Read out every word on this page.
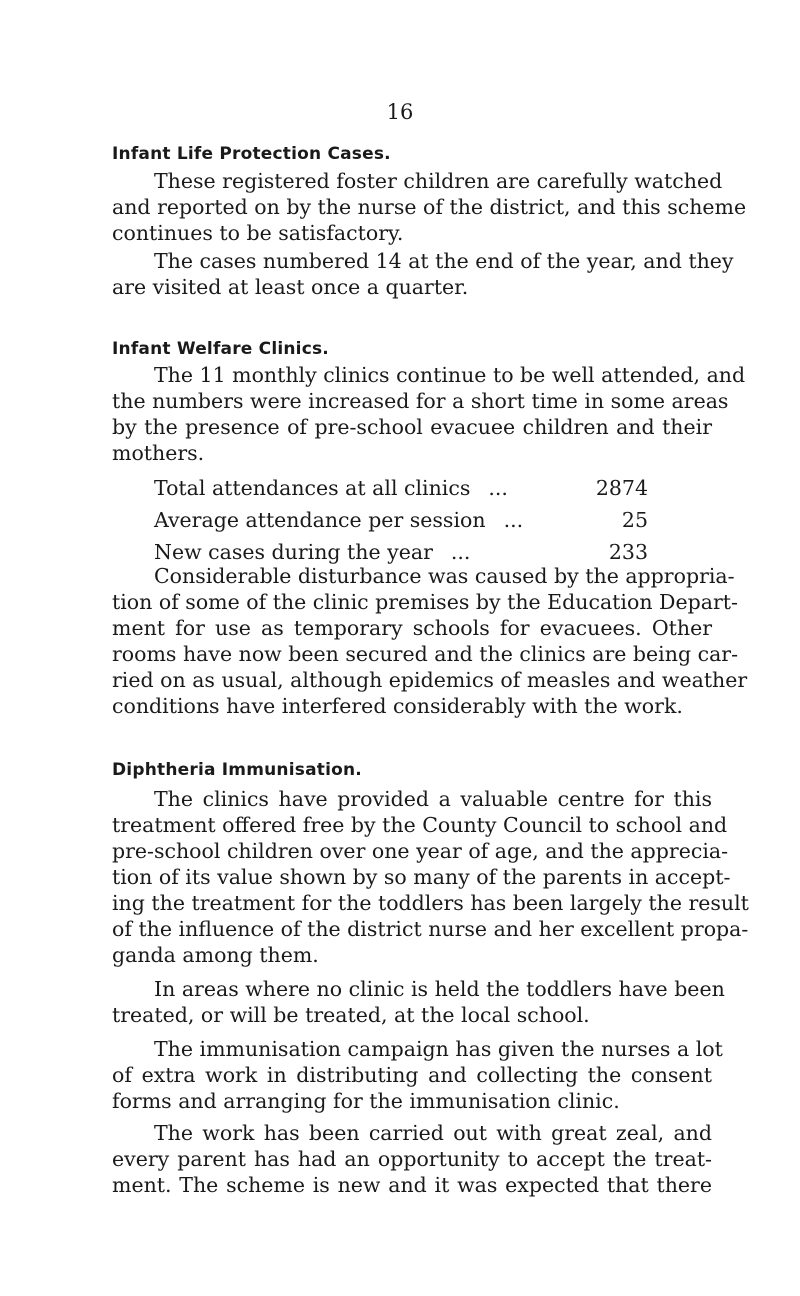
16
Infant Life Protection Cases.
These registered foster children are carefully watched
and reported on by the nurse of the district, and this scheme
continues to be satisfactory.
The cases numbered 14 at the end of the year, and they
are visited at least once a quarter.
Infant Welfare Clinics.
The 11 monthly clinics continue to be well attended, and
the numbers were increased for a short time in some areas
by the presence of pre-school evacuee children and their
mothers.
Total attendances at all clinics ...	2874
Average attendance per session ...	25
New cases during the year ...	233
Considerable disturbance was caused by the appropria-
tion of some of the clinic premises by the Education Depart-
ment for use as temporary schools for evacuees. Other
rooms have now been secured and the clinics are being car-
ried on as usual, although epidemics of measles and weather
conditions have interfered considerably with the work.
Diphtheria Immunisation.
The clinics have provided a valuable centre for this
treatment offered free by the County Council to school and
pre-school children over one year of age, and the apprecia-
tion of its value shown by so many of the parents in accept-
ing the treatment for the toddlers has been largely the result
of the influence of the district nurse and her excellent propa-
ganda among them.
In areas where no clinic is held the toddlers have been
treated, or will be treated, at the local school.
The immunisation campaign has given the nurses a lot
of extra work in distributing and collecting the consent
forms and arranging for the immunisation clinic.
The work has been carried out with great zeal, and
every parent has had an opportunity to accept the treat-
ment. The scheme is new and it was expected that there
